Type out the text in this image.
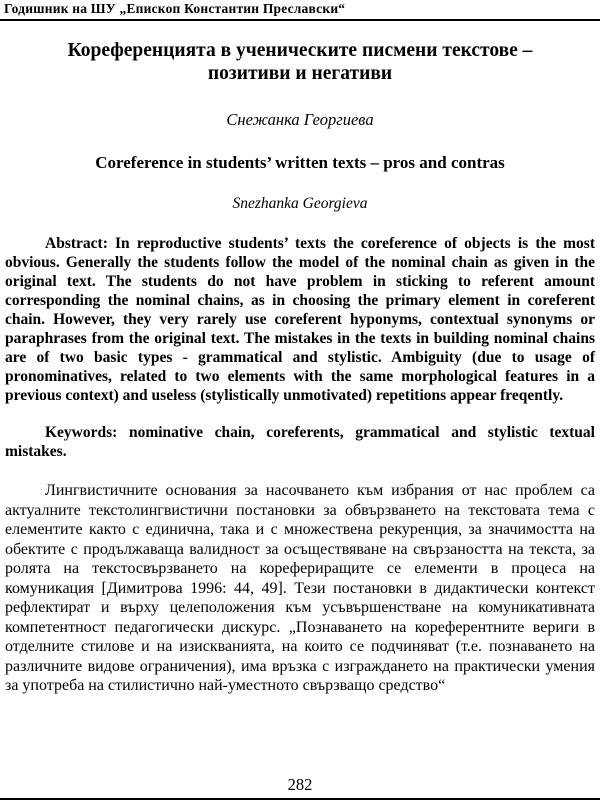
Годишник на ШУ „Епископ Константин Преславски“
Кореференцията в ученическите писмени текстове – позитиви и негативи
Снежанка Георгиева
Coreference in students’ written texts – pros and contras
Snezhanka Georgieva

Abstract: In reproductive students’ texts the coreference of objects is the most obvious. Generally the students follow the model of the nominal chain as given in the original text. The students do not have problem in sticking to referent amount corresponding the nominal chains, as in choosing the primary element in coreferent chain. However, they very rarely use coreferent hyponyms, contextual synonyms or paraphrases from the original text. The mistakes in the texts in building nominal chains are of two basic types - grammatical and stylistic. Ambiguity (due to usage of pronominatives, related to two elements with the same morphological features in a previous context) and useless (stylistically unmotivated) repetitions appear freqently.

Keywords: nominative chain, coreferents, grammatical and stylistic textual mistakes.

Лингвистичните основания за насочването към избрания от нас проблем са актуалните текстолингвистични постановки за обвързването на текстовата тема с елементите както с единична, така и с множествена рекуренция, за значимостта на обектите с продължаваща валидност за осъществяване на свързаността на текста, за ролята на текстосвързването на корефериращите се елементи в процеса на комуникация [Димитрова 1996: 44, 49]. Тези постановки в дидактически контекст рефлектират и върху целеположения към усъвършенстване на комуникативната компетентност педагогически дискурс. „Познаването на кореферентните вериги в отделните стилове и на изискванията, на които се подчиняват (т.е. познаването на различните видове ограничения), има връзка с изграждането на практически умения за употреба на стилистично най-уместното свързващо средство“

282
